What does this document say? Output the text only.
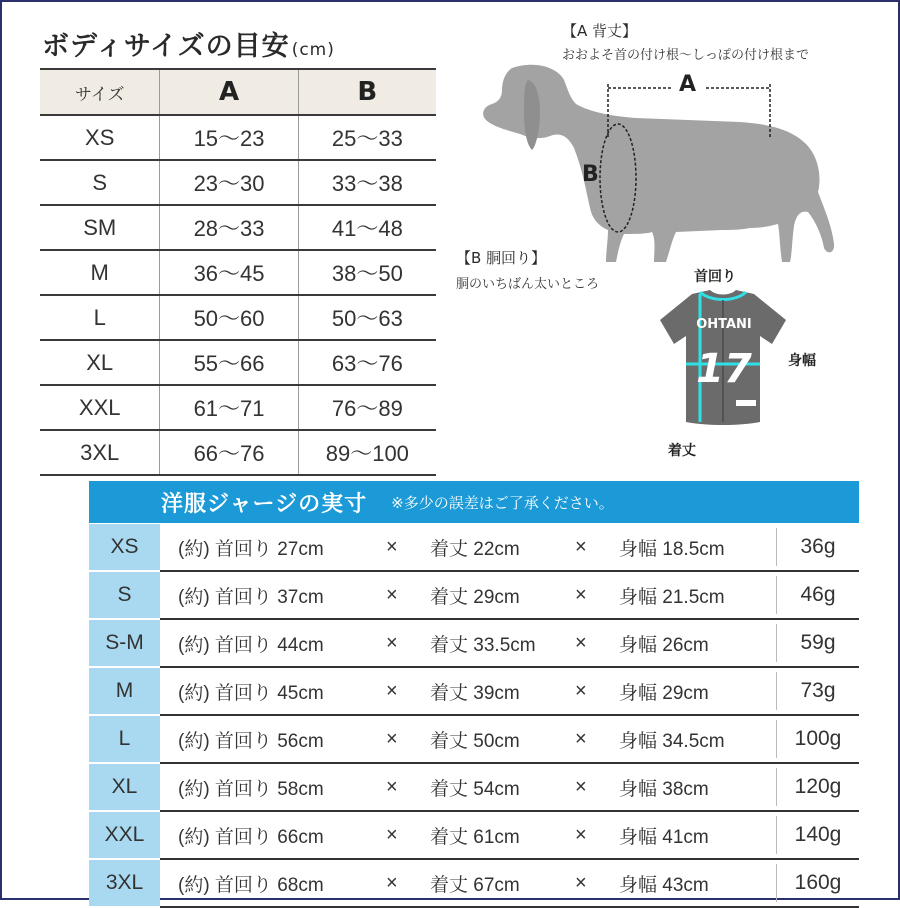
ボディサイズの目安 (cm)
サイズ	A	B
XS	15〜23	25〜33
S	23〜30	33〜38
SM	28〜33	41〜48
M	36〜45	38〜50
L	50〜60	50〜63
XL	55〜66	63〜76
XXL	61〜71	76〜89
3XL	66〜76	89〜100
【A 背丈】
おおよそ首の付け根〜しっぽの付け根まで
A
B
【B 胴回り】
胴のいちばん太いところ
OHTANI
17
首回り
身幅
着丈
洋服ジャージの実寸 ※多少の誤差はご了承ください。
XS	(約) 首回り 27cm	× 着丈 22cm	× 身幅 18.5cm	36g
S	(約) 首回り 37cm	× 着丈 29cm	× 身幅 21.5cm	46g
S-M	(約) 首回り 44cm	× 着丈 33.5cm × 身幅 26cm	59g
M	(約) 首回り 45cm	× 着丈 39cm	× 身幅 29cm	73g
L	(約) 首回り 56cm	× 着丈 50cm	× 身幅 34.5cm	100g
XL	(約) 首回り 58cm	× 着丈 54cm	× 身幅 38cm	120g
XXL	(約) 首回り 66cm	× 着丈 61cm	× 身幅 41cm	140g
3XL	(約) 首回り 68cm	× 着丈 67cm	× 身幅 43cm	160g
